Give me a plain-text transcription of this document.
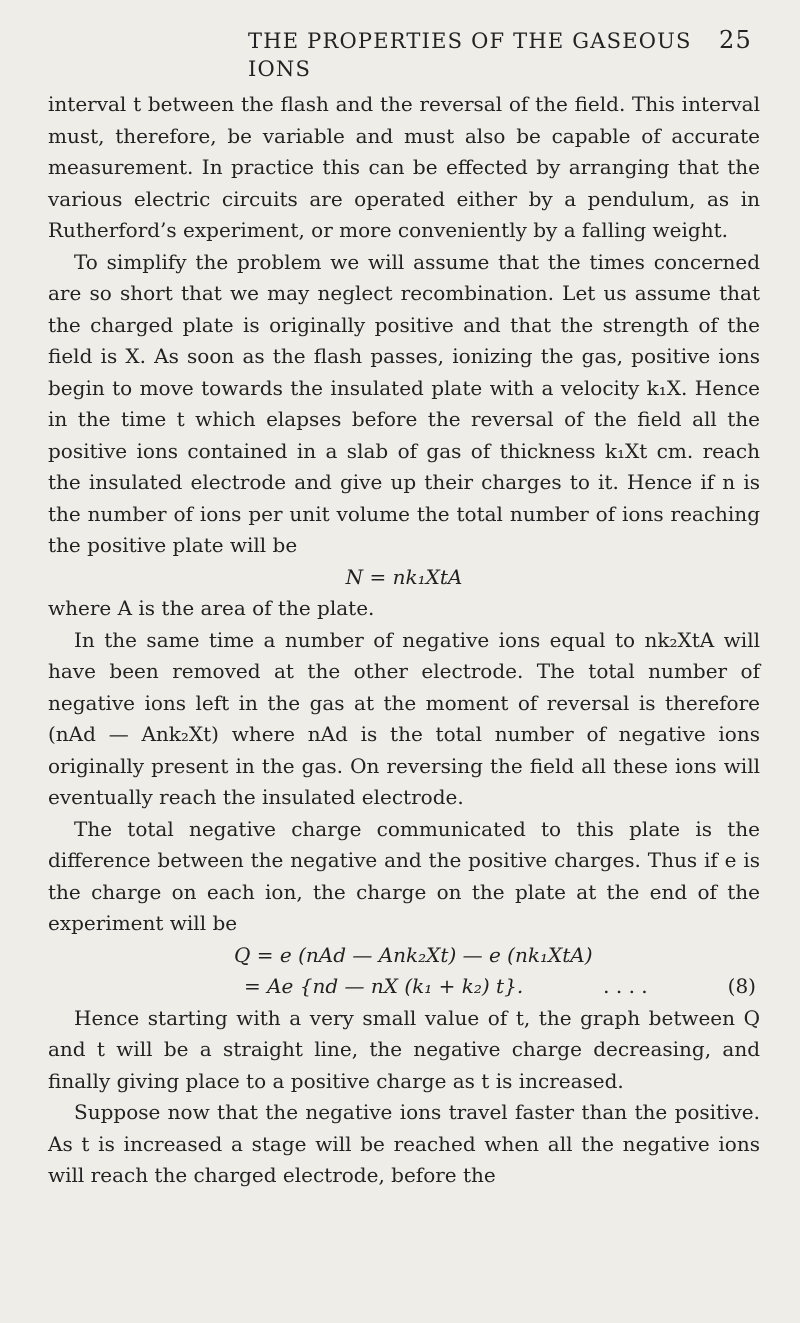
THE PROPERTIES OF THE GASEOUS IONS
25

interval t between the flash and the reversal of the field. This interval must, therefore, be variable and must also be capable of accurate measurement. In practice this can be effected by arranging that the various electric circuits are operated either by a pendulum, as in Rutherford’s experiment, or more conveniently by a falling weight.

To simplify the problem we will assume that the times concerned are so short that we may neglect recombination. Let us assume that the charged plate is originally positive and that the strength of the field is X. As soon as the flash passes, ionizing the gas, positive ions begin to move towards the insulated plate with a velocity k₁X. Hence in the time t which elapses before the reversal of the field all the positive ions contained in a slab of gas of thickness k₁Xt cm. reach the insulated electrode and give up their charges to it. Hence if n is the number of ions per unit volume the total number of ions reaching the positive plate will be

N = nk₁XtA

where A is the area of the plate.

In the same time a number of negative ions equal to nk₂XtA will have been removed at the other electrode. The total number of negative ions left in the gas at the moment of reversal is therefore (nAd — Ank₂Xt) where nAd is the total number of negative ions originally present in the gas. On reversing the field all these ions will eventually reach the insulated electrode.

The total negative charge communicated to this plate is the difference between the negative and the positive charges. Thus if e is the charge on each ion, the charge on the plate at the end of the experiment will be

Q = e (nAd — Ank₂Xt) — e (nk₁XtA)

= Ae {nd — nX (k₁ + k₂) t}.	. . . .	(8)

Hence starting with a very small value of t, the graph between Q and t will be a straight line, the negative charge decreasing, and finally giving place to a positive charge as t is increased.

Suppose now that the negative ions travel faster than the positive. As t is increased a stage will be reached when all the negative ions will reach the charged electrode, before the
